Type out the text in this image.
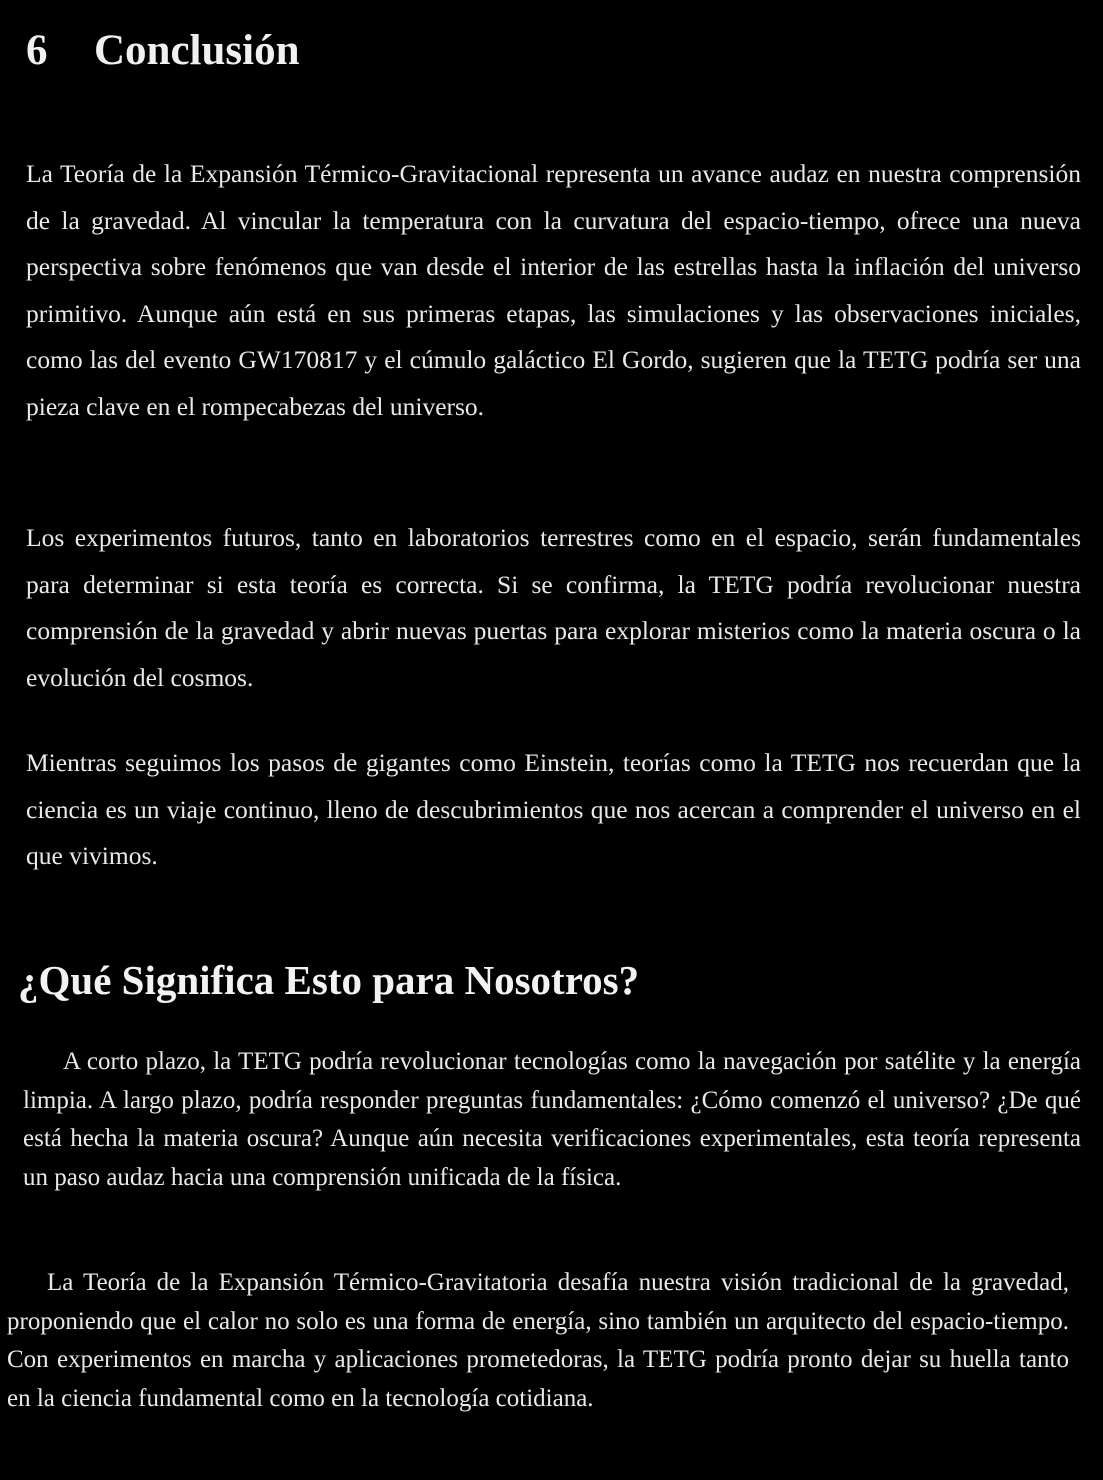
6 Conclusión

La Teoría de la Expansión Térmico-Gravitacional representa un avance audaz en nuestra comprensión de la gravedad. Al vincular la temperatura con la curvatura del espacio-tiempo, ofrece una nueva perspectiva sobre fenómenos que van desde el interior de las estrellas hasta la inflación del universo primitivo. Aunque aún está en sus primeras etapas, las simulaciones y las observaciones iniciales, como las del evento GW170817 y el cúmulo galáctico El Gordo, sugieren que la TETG podría ser una pieza clave en el rompecabezas del universo.

Los experimentos futuros, tanto en laboratorios terrestres como en el espacio, serán fundamentales para determinar si esta teoría es correcta. Si se confirma, la TETG podría revolucionar nuestra comprensión de la gravedad y abrir nuevas puertas para explorar misterios como la materia oscura o la evolución del cosmos.

Mientras seguimos los pasos de gigantes como Einstein, teorías como la TETG nos recuerdan que la ciencia es un viaje continuo, lleno de descubrimientos que nos acercan a comprender el universo en el que vivimos.

¿Qué Significa Esto para Nosotros?

A corto plazo, la TETG podría revolucionar tecnologías como la navegación por satélite y la energía limpia. A largo plazo, podría responder preguntas fundamentales: ¿Cómo comenzó el universo? ¿De qué está hecha la materia oscura? Aunque aún necesita verificaciones experimentales, esta teoría representa un paso audaz hacia una comprensión unificada de la física.

La Teoría de la Expansión Térmico-Gravitatoria desafía nuestra visión tradicional de la gravedad, proponiendo que el calor no solo es una forma de energía, sino también un arquitecto del espacio-tiempo. Con experimentos en marcha y aplicaciones prometedoras, la TETG podría pronto dejar su huella tanto en la ciencia fundamental como en la tecnología cotidiana.
